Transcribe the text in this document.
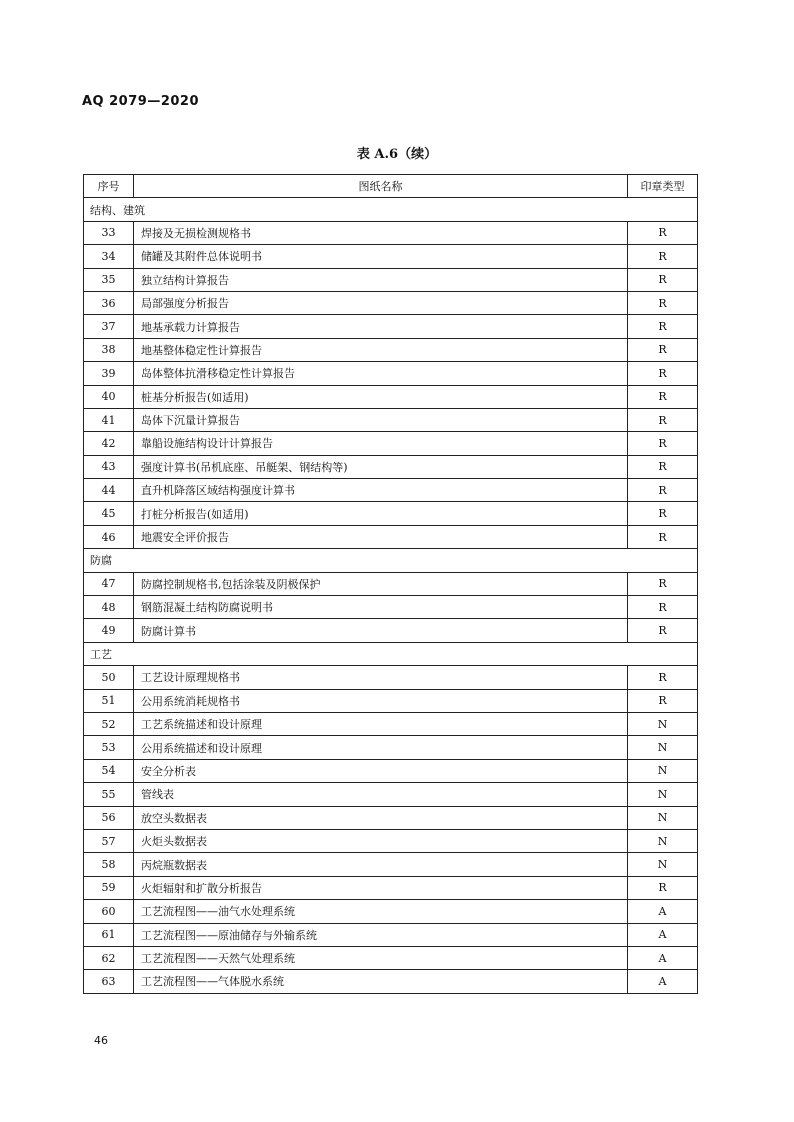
AQ 2079—2020
表 A.6（续）
序号	图纸名称	印章类型
结构、建筑		
33	焊接及无损检测规格书	R
34	储罐及其附件总体说明书	R
35	独立结构计算报告	R
36	局部强度分析报告	R
37	地基承载力计算报告	R
38	地基整体稳定性计算报告	R
39	岛体整体抗滑移稳定性计算报告	R
40	桩基分析报告(如适用)	R
41	岛体下沉量计算报告	R
42	靠船设施结构设计计算报告	R
43	强度计算书(吊机底座、吊艇架、钢结构等)	R
44	直升机降落区域结构强度计算书	R
45	打桩分析报告(如适用)	R
46	地震安全评价报告	R
防腐		
47	防腐控制规格书,包括涂装及阴极保护	R
48	钢筋混凝土结构防腐说明书	R
49	防腐计算书	R
工艺		
50	工艺设计原理规格书	R
51	公用系统消耗规格书	R
52	工艺系统描述和设计原理	N
53	公用系统描述和设计原理	N
54	安全分析表	N
55	管线表	N
56	放空头数据表	N
57	火炬头数据表	N
58	丙烷瓶数据表	N
59	火炬辐射和扩散分析报告	R
60	工艺流程图——油气水处理系统	A
61	工艺流程图——原油储存与外输系统	A
62	工艺流程图——天然气处理系统	A
63	工艺流程图——气体脱水系统	A
46
